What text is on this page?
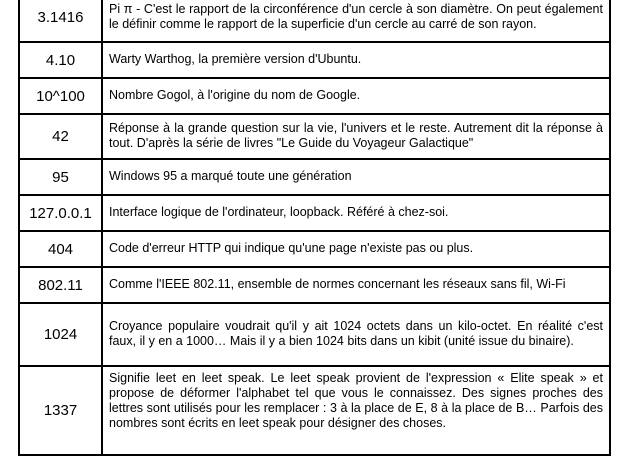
3.1416	Pi π - C'est le rapport de la circonférence d'un cercle à son diamètre. On peut également le définir comme le rapport de la superficie d'un cercle au carré de son rayon.
4.10	Warty Warthog, la première version d'Ubuntu.
10^100	Nombre Gogol, à l'origine du nom de Google.
42	Réponse à la grande question sur la vie, l'univers et le reste. Autrement dit la réponse à tout. D'après la série de livres "Le Guide du Voyageur Galactique"
95	Windows 95 a marqué toute une génération
127.0.0.1	Interface logique de l'ordinateur, loopback. Référé à chez-soi.
404	Code d'erreur HTTP qui indique qu'une page n'existe pas ou plus.
802.11	Comme l'IEEE 802.11, ensemble de normes concernant les réseaux sans fil, Wi-Fi
1024	Croyance populaire voudrait qu'il y ait 1024 octets dans un kilo-octet. En réalité c'est faux, il y en a 1000… Mais il y a bien 1024 bits dans un kibit (unité issue du binaire).
1337	Signifie leet en leet speak. Le leet speak provient de l'expression « Elite speak » et propose de déformer l'alphabet tel que vous le connaissez. Des signes proches des lettres sont utilisés pour les remplacer : 3 à la place de E, 8 à la place de B… Parfois des nombres sont écrits en leet speak pour désigner des choses.
